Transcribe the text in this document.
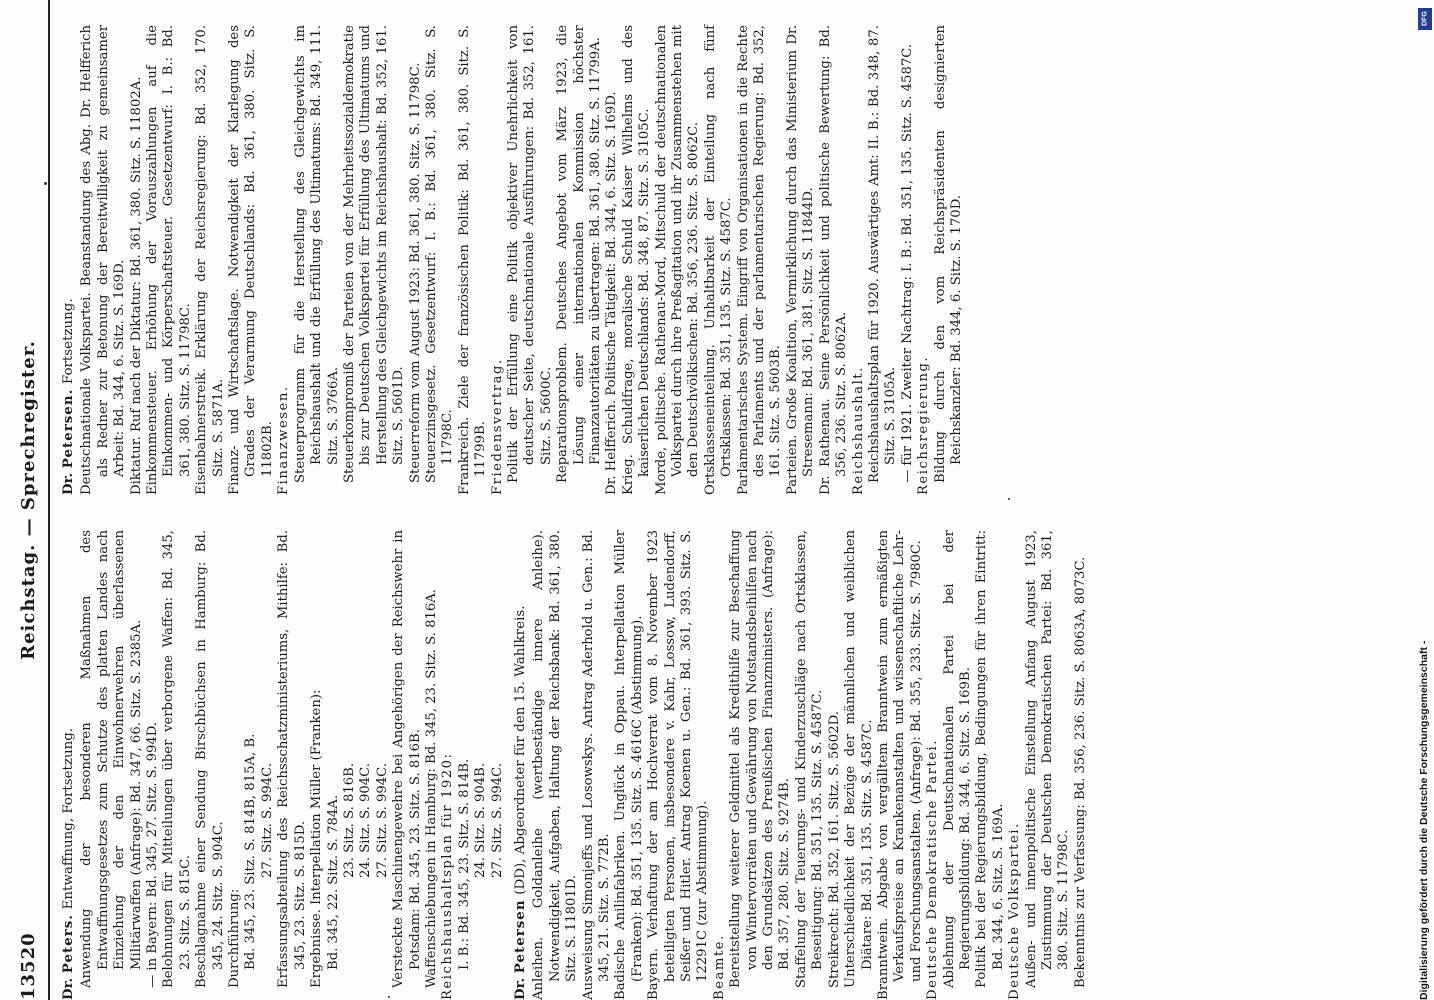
13520
Reichstag. — Sprechregister.

Dr. Peters. Entwaffnung, Fortsetzung. Anwendung der besonderen Maßnahmen des Entwaffnungsgesetzes zum Schutze des platten Landes nach Einziehung der den Einwohnerwehren überlassenen Militärwaffen (Anfrage): Bd. 347, 66. Sitz. S. 2385A. — in Bayern: Bd. 345, 27. Sitz. S. 994D. Belohnungen für Mitteilungen über verborgene Waffen: Bd. 345, 23. Sitz. S. 815C. Beschlagnahme einer Sendung Birschbüchsen in Hamburg: Bd. 345, 24. Sitz. S. 904C. Durchführung: Bd. 345, 23. Sitz. S. 814B, 815A, B. 27. Sitz. S. 994C. Erfassungsabteilung des Reichsschatzministeriums, Mithilfe: Bd. 345, 23. Sitz. S. 815D. Ergebnisse. Interpellation Müller (Franken): Bd. 345, 22. Sitz. S. 784A. 23. Sitz. S. 816B. 24. Sitz. S. 904C. 27. Sitz. S. 994C. Versteckte Maschinengewehre bei Angehörigen der Reichswehr in Potsdam: Bd. 345, 23. Sitz. S. 816B. Waffenschiebungen in Hamburg: Bd. 345, 23. Sitz. S. 816A. Reichshaushaltsplan für 1920: I. B.: Bd. 345, 23. Sitz. S. 814B. 24. Sitz. S. 904B. 27. Sitz. S. 994C.

Dr. Petersen (DD), Abgeordneter für den 15. Wahlkreis. Anleihen. Goldanleihe (wertbeständige innere Anleihe). Notwendigkeit, Aufgaben, Haltung der Reichsbank: Bd. 361, 380. Sitz. S. 11801D. Ausweisung Simonjeffs und Losowskys. Antrag Aderhold u. Gen.: Bd. 345, 21. Sitz. S. 772B. Badische Anilinfabriken. Unglück in Oppau. Interpellation Müller (Franken): Bd. 351, 135. Sitz. S. 4616C (Abstimmung). Bayern. Verhaftung der am Hochverrat vom 8. November 1923 beteiligten Personen, insbesondere v. Kahr, Lossow, Ludendorff, Seißer und Hitler. Antrag Koenen u. Gen.: Bd. 361, 393. Sitz. S. 12291C (zur Abstimmung). Beamte. Bereitstellung weiterer Geldmittel als Kredithilfe zur Beschaffung von Wintervorräten und Gewährung von Notstandsbeihilfen nach den Grundsätzen des Preußischen Finanzministers. (Anfrage): Bd. 357, 280. Sitz. S. 9274B. Staffelung der Teuerungs- und Kinderzuschläge nach Ortsklassen, Beseitigung: Bd. 351, 135. Sitz. S. 4587C. Streikrecht: Bd. 352, 161. Sitz. S. 5602D. Unterschiedlichkeit der Bezüge der männlichen und weiblichen Diätare: Bd. 351, 135. Sitz. S. 4587C. Branntwein. Abgabe von vergälltem Branntwein zum ermäßigten Verkaufspreise an Krankenanstalten und wissenschaftliche Lehr- und Forschungsanstalten. (Anfrage): Bd. 355, 233. Sitz. S. 7980C. Deutsche Demokratische Partei. Ablehnung der Deutschnationalen Partei bei der Regierungsbildung: Bd. 344, 6. Sitz. S. 169B. Politik bei der Regierungsbildung, Bedingungen für ihren Eintritt: Bd. 344, 6. Sitz. S. 169A. Deutsche Volkspartei. Außen- und innenpolitische Einstellung Anfang August 1923, Zustimmung der Deutschen Demokratischen Partei: Bd. 361, 380. Sitz. S. 11798C. Bekenntnis zur Verfassung: Bd. 356, 236. Sitz. S. 8063A, 8073C.

Dr. Petersen. Fortsetzung. Deutschnationale Volkspartei. Beanstandung des Abg. Dr. Helfferich als Redner zur Betonung der Bereitwilligkeit zu gemeinsamer Arbeit: Bd. 344, 6. Sitz. S. 169D. Diktatur. Ruf nach der Diktatur: Bd. 361, 380. Sitz. S. 11802A. Einkommensteuer. Erhöhung der Vorauszahlungen auf die Einkommen- und Körperschaftsteuer. Gesetzentwurf: I. B.: Bd. 361, 380. Sitz. S. 11798C. Eisenbahnerstreik. Erklärung der Reichsregierung: Bd. 352, 170. Sitz. S. 5871A. Finanz- und Wirtschaftslage. Notwendigkeit der Klarlegung des Grades der Verarmung Deutschlands: Bd. 361, 380. Sitz. S. 11802B. Finanzwesen. Steuerprogramm für die Herstellung des Gleichgewichts im Reichshaushalt und die Erfüllung des Ultimatums: Bd. 349, 111. Sitz. S. 3766A. Steuerkompromiß der Parteien von der Mehrheitssozialdemokratie bis zur Deutschen Volkspartei für Erfüllung des Ultimatums und Herstellung des Gleichgewichts im Reichshaushalt: Bd. 352, 161. Sitz. S. 5601D. Steuerreform vom August 1923: Bd. 361, 380. Sitz. S. 11798C. Steuerzinsgesetz. Gesetzentwurf: I. B.: Bd. 361, 380. Sitz. S. 11798C. Frankreich. Ziele der französischen Politik: Bd. 361, 380. Sitz. S. 11799B. Friedensvertrag. Politik der Erfüllung eine Politik objektiver Unehrlichkeit von deutscher Seite, deutschnationale Ausführungen: Bd. 352, 161. Sitz. S. 5600C. Reparationsproblem. Deutsches Angebot vom März 1923, die Lösung einer internationalen Kommission höchster Finanzautoritäten zu übertragen: Bd. 361, 380. Sitz. S. 11799A. Dr. Helfferich. Politische Tätigkeit: Bd. 344, 6. Sitz. S. 169D. Krieg. Schuldfrage, moralische Schuld Kaiser Wilhelms und des kaiserlichen Deutschlands: Bd. 348, 87. Sitz. S. 3105C. Morde, politische. Rathenau-Mord, Mitschuld der deutschnationalen Volkspartei durch ihre Preßagitation und ihr Zusammenstehen mit den Deutschvölkischen: Bd. 356, 236. Sitz. S. 8062C. Ortsklasseneinteilung. Unhaltbarkeit der Einteilung nach fünf Ortsklassen: Bd. 351, 135. Sitz. S. 4587C. Parlamentarisches System. Eingriff von Organisationen in die Rechte des Parlaments und der parlamentarischen Regierung: Bd. 352, 161. Sitz. S. 5603B. Parteien. Große Koalition, Vermirklichung durch das Ministerium Dr. Stresemann: Bd. 361, 381. Sitz. S. 11844D. Dr. Rathenau. Seine Persönlichkeit und politische Bewertung: Bd. 356, 236. Sitz. S. 8062A. Reichshaushalt. Reichshaushaltsplan für 1920. Auswärtiges Amt: II. B.: Bd. 348, 87. Sitz. S. 3105A. — für 1921. Zweiter Nachtrag: I. B.: Bd. 351, 135. Sitz. S. 4587C. Reichsregierung. Bildung durch den vom Reichspräsidenten designierten Reichskanzler: Bd. 344, 6. Sitz. S. 170D.

DFG
Digitalisierung gefördert durch die Deutsche Forschungsgemeinschaft -
